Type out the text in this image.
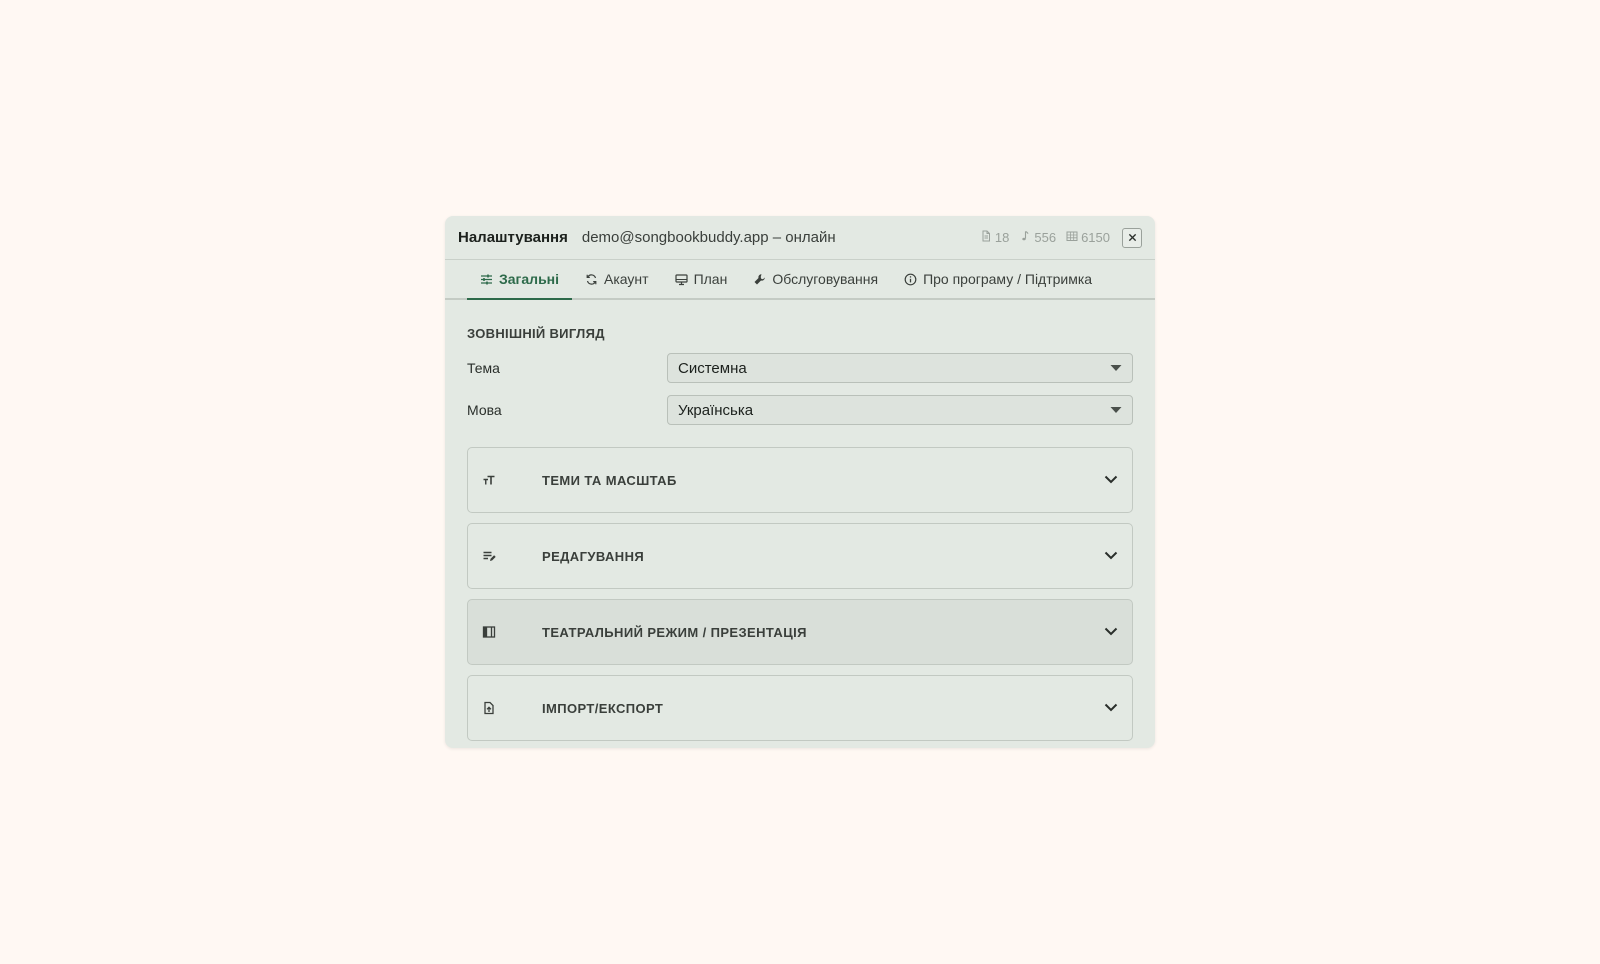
Налаштування demo@songbookbuddy.app – онлайн	18 556 6150
Загальні	Акаунт	План	Обслуговування	Про програму / Підтримка
ЗОВНІШНІЙ ВИГЛЯД
Тема	Системна
Мова	Українська
ТЕМИ ТА МАСШТАБ
РЕДАГУВАННЯ
ТЕАТРАЛЬНИЙ РЕЖИМ / ПРЕЗЕНТАЦІЯ
ІМПОРТ/ЕКСПОРТ
